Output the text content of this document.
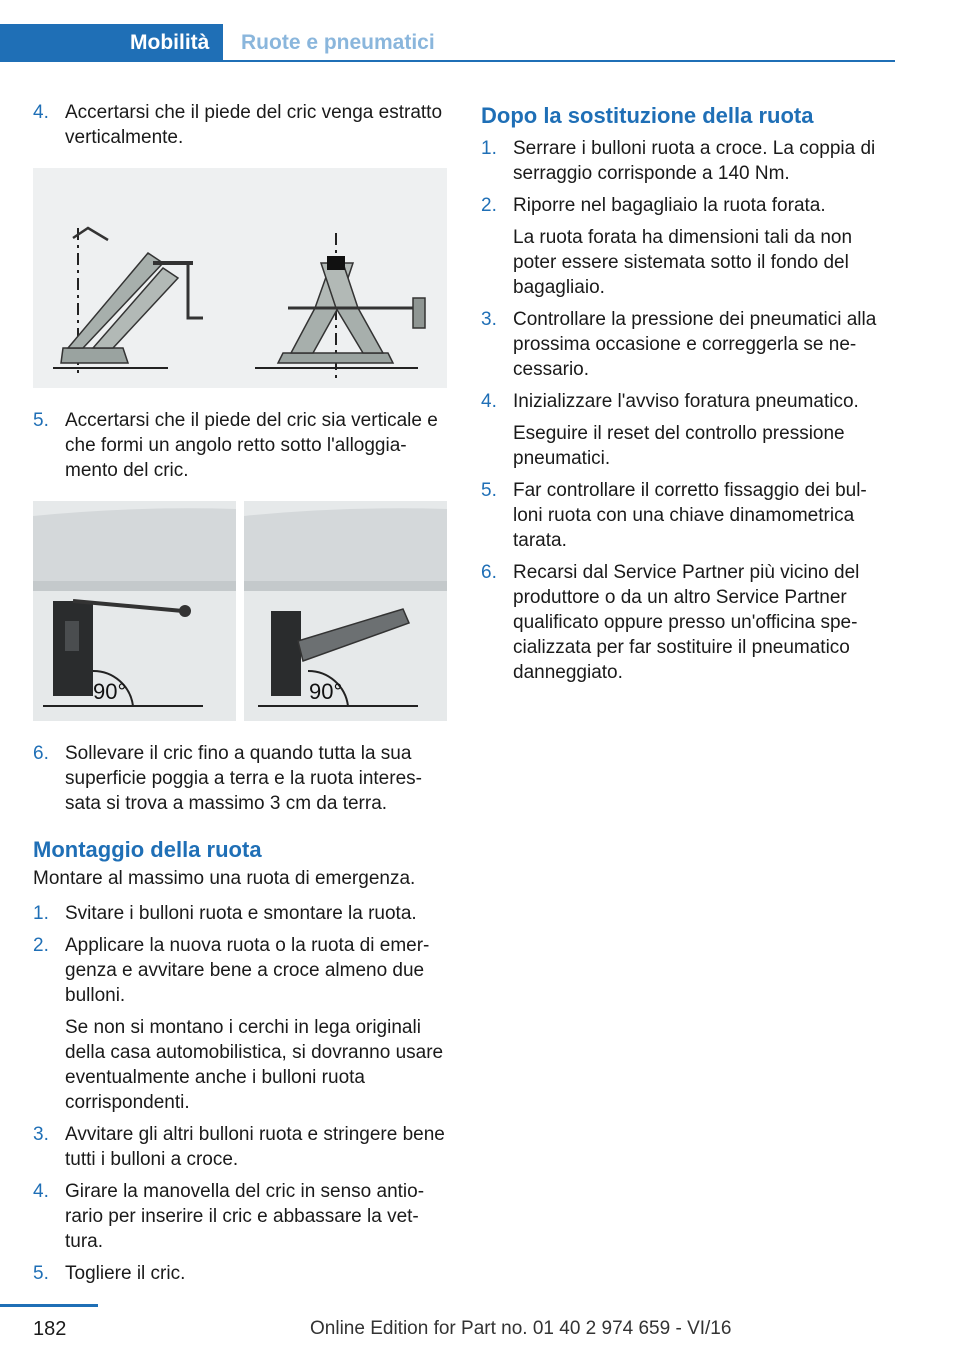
Mobilità	Ruote e pneumatici
4. Accertarsi che il piede del cric venga estratto verticalmente.

5. Accertarsi che il piede del cric sia verticale e che formi un angolo retto sotto l'alloggia-mento del cric.

90°	90°
6. Sollevare il cric fino a quando tutta la sua superficie poggia a terra e la ruota interes-sata si trova a massimo 3 cm da terra.

Montaggio della ruota
Montare al massimo una ruota di emergenza.
1. Svitare i bulloni ruota e smontare la ruota.

2. Applicare la nuova ruota o la ruota di emer-genza e avvitare bene a croce almeno due bulloni.

Se non si montano i cerchi in lega originali della casa automobilistica, si dovranno usare eventualmente anche i bulloni ruota corrispondenti.

3. Avvitare gli altri bulloni ruota e stringere bene tutti i bulloni a croce.

4. Girare la manovella del cric in senso antio-rario per inserire il cric e abbassare la vet-tura.

5. Togliere il cric.

Dopo la sostituzione della ruota
1. Serrare i bulloni ruota a croce. La coppia di serraggio corrisponde a 140 Nm.

2. Riporre nel bagagliaio la ruota forata.

La ruota forata ha dimensioni tali da non poter essere sistemata sotto il fondo del bagagliaio.

3. Controllare la pressione dei pneumatici alla prossima occasione e correggerla se ne-cessario.

4. Inizializzare l'avviso foratura pneumatico.

Eseguire il reset del controllo pressione pneumatici.

5. Far controllare il corretto fissaggio dei bul-loni ruota con una chiave dinamometrica tarata.

6. Recarsi dal Service Partner più vicino del produttore o da un altro Service Partner qualificato oppure presso un'officina spe-cializzata per far sostituire il pneumatico danneggiato.

182	Online Edition for Part no. 01 40 2 974 659 - VI/16
